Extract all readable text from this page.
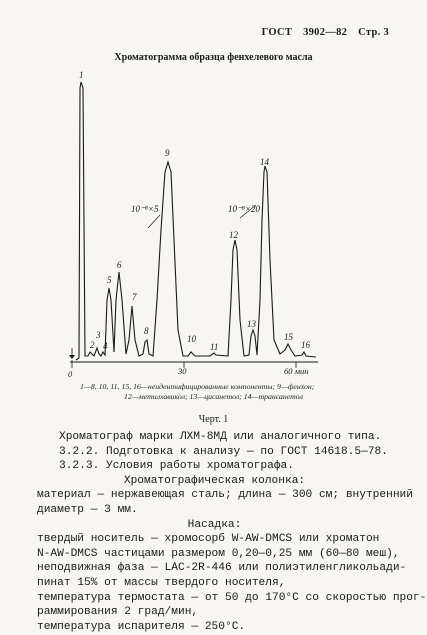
ГОСТ 3902—82 Стр. 3
Хроматограмма образца фенхелевого масла
0	30	60 мин
10⁻⁸×5	10⁻⁸×20
1
2
3
4
5
6
7
8
9
10
11
12
13
14
15
16
1—8, 10, 11, 15, 16—неидентифицированные компоненты; 9—фенхон;
12—метилхавикол; 13—цисанетол; 14—трансанетол
Черт. 1

Хроматограф марки ЛХМ-8МД или аналогичного типа.

3.2.2. Подготовка к анализу — по ГОСТ 14618.5—78.

3.2.3. Условия работы хроматографа.

Хроматографическая колонка:

материал — нержавеющая сталь; длина — 300 см; внутренний

диаметр — 3 мм.

Насадка:

твердый носитель — хромосорб W-AW-DMCS или хроматон

N-AW-DMCS частицами размером 0,20—0,25 мм (60—80 меш),

неподвижная фаза — LAC-2R-446 или полиэтиленгликольади-

пинат 15% от массы твердого носителя,

температура термостата — от 50 до 170°С со скоростью прог-

раммирования 2 град/мин,

температура испарителя — 250°С.
